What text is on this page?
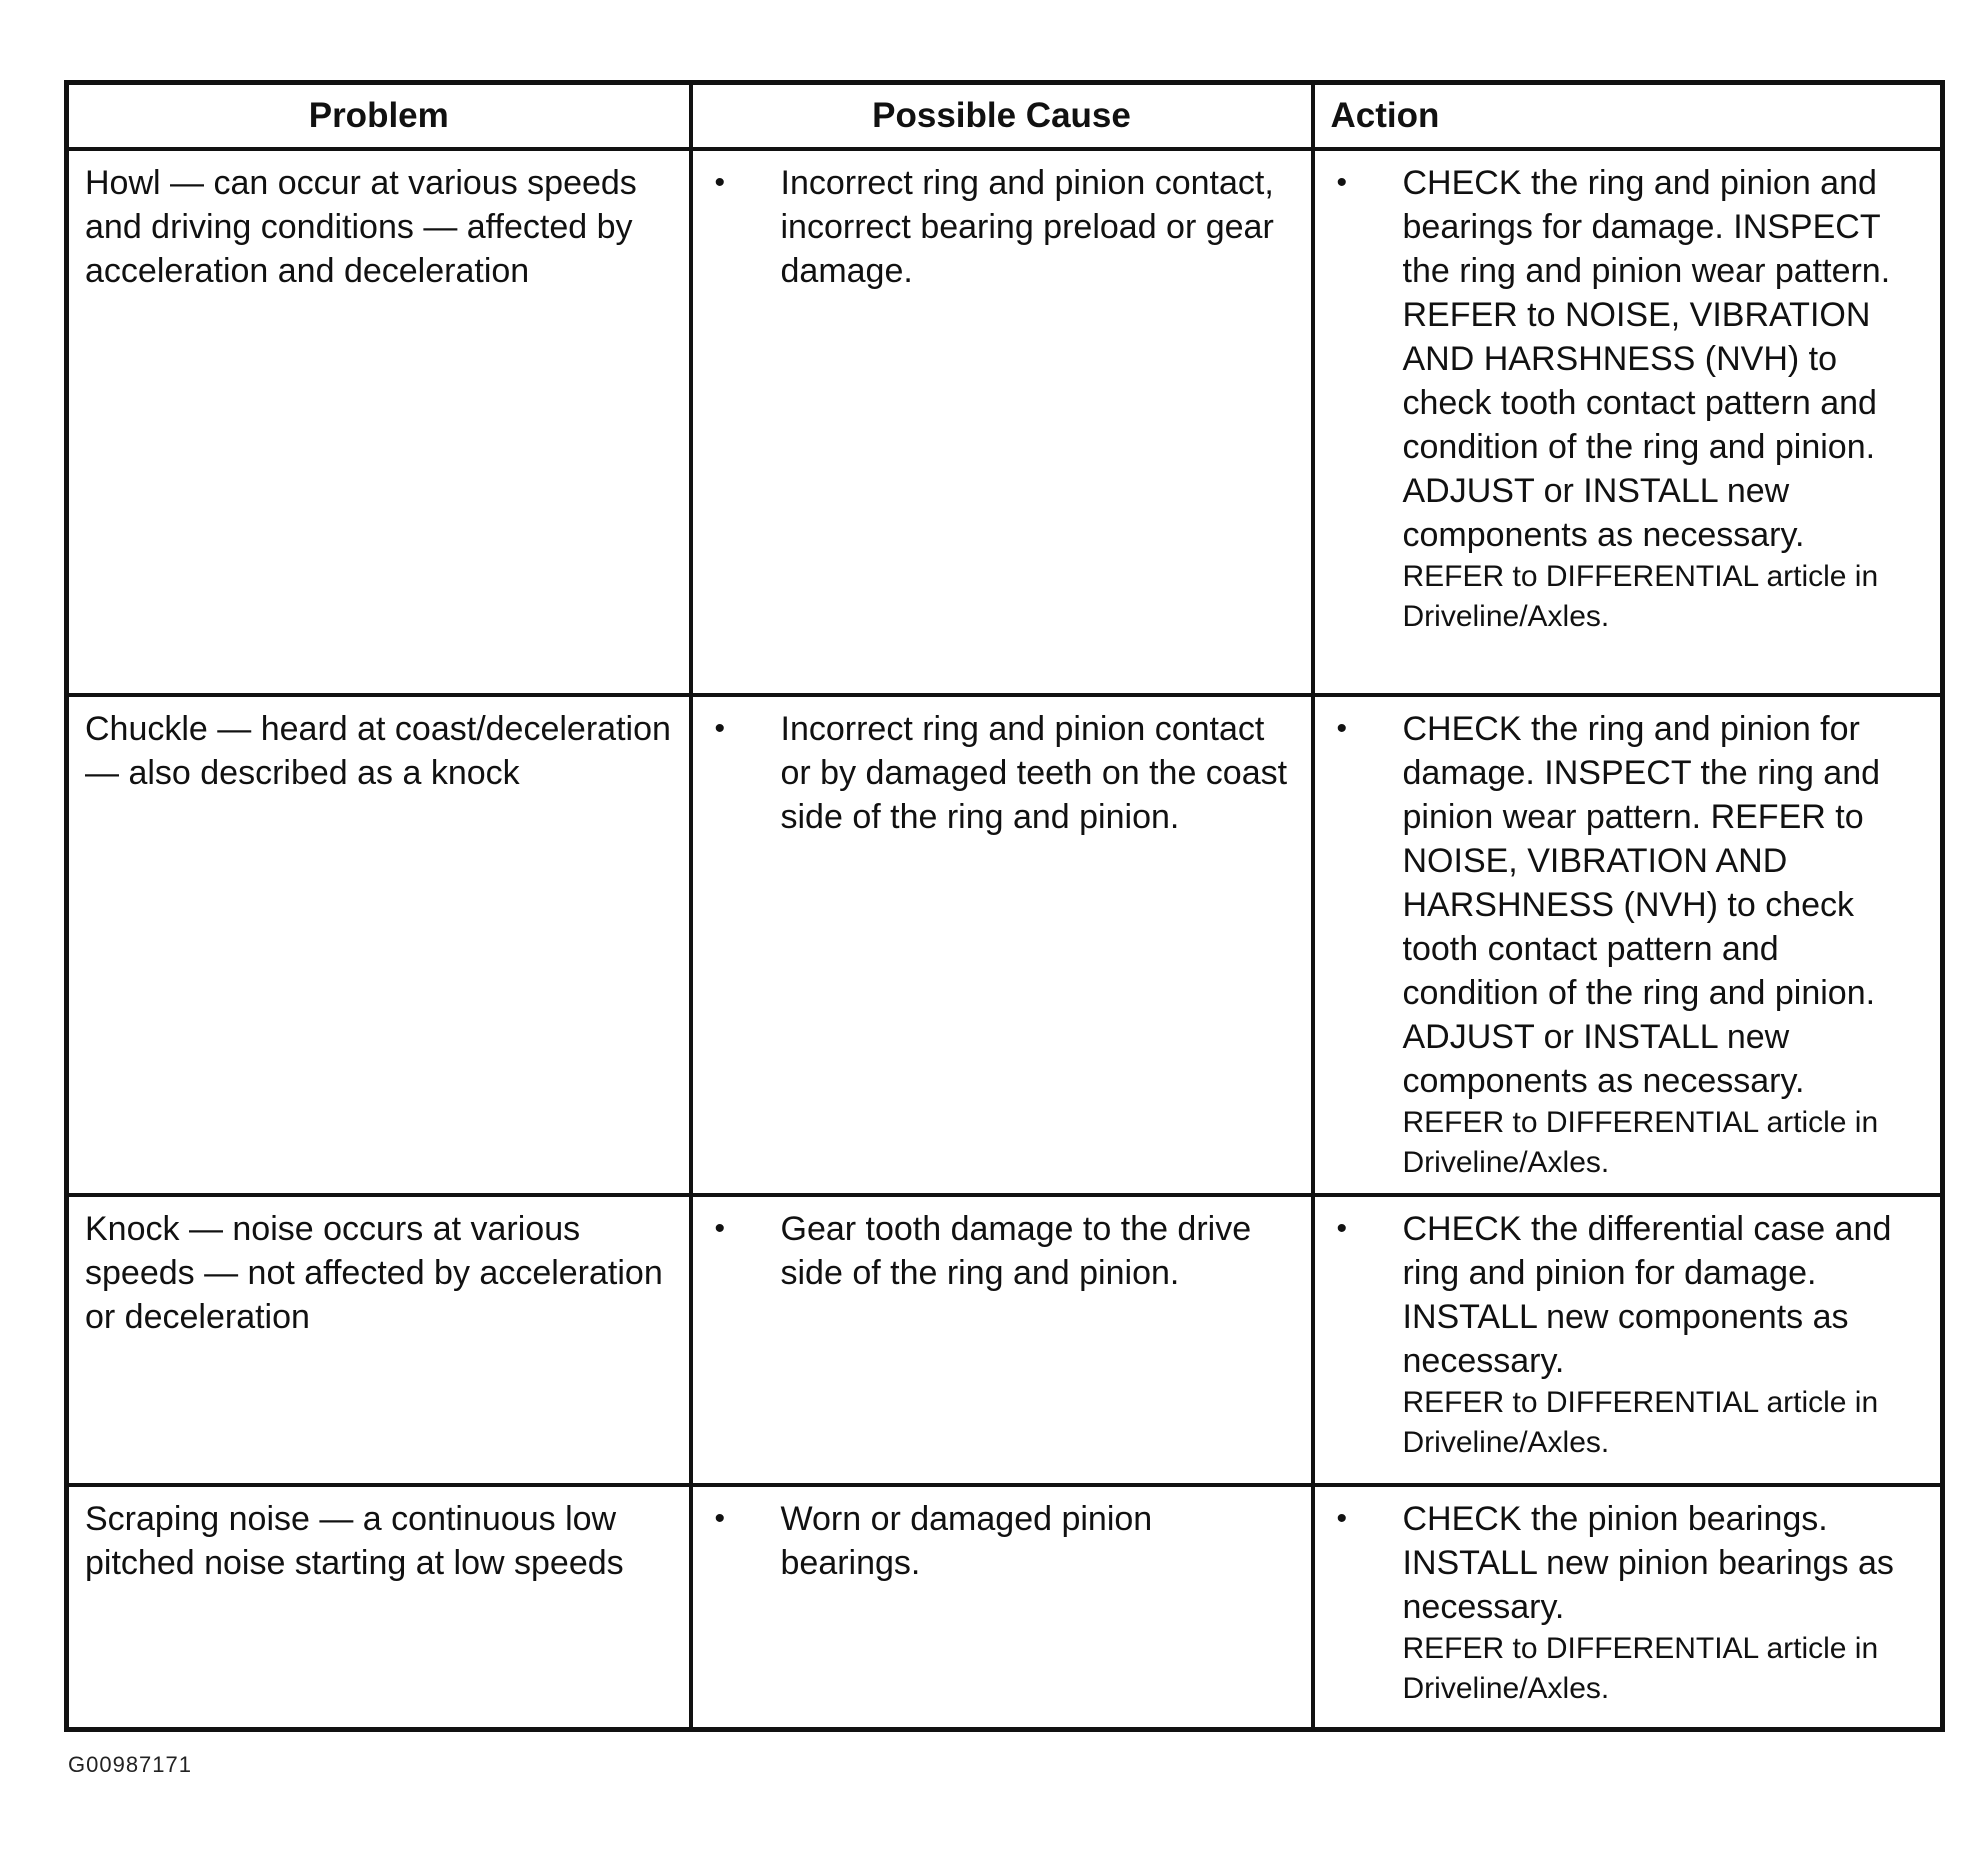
Problem	Possible Cause	Action
Howl — can occur at various speeds and driving conditions — affected by acceleration and deceleration	• Incorrect ring and pinion contact, incorrect bearing preload or gear damage.	• CHECK the ring and pinion and bearings for damage. INSPECT the ring and pinion wear pattern. REFER to NOISE, VIBRATION AND HARSHNESS (NVH) to check tooth contact pattern and condition of the ring and pinion. ADJUST or INSTALL new components as necessary.
REFER to DIFFERENTIAL article in Driveline/Axles.

Chuckle — heard at coast/deceleration — also described as a knock	• Incorrect ring and pinion contact or by damaged teeth on the coast side of the ring and pinion.	• CHECK the ring and pinion for damage. INSPECT the ring and pinion wear pattern. REFER to NOISE, VIBRATION AND HARSHNESS (NVH) to check tooth contact pattern and condition of the ring and pinion. ADJUST or INSTALL new components as necessary.
REFER to DIFFERENTIAL article in Driveline/Axles.

Knock — noise occurs at various speeds — not affected by acceleration or deceleration	• Gear tooth damage to the drive side of the ring and pinion.	• CHECK the differential case and ring and pinion for damage. INSTALL new components as necessary.
REFER to DIFFERENTIAL article in Driveline/Axles.

Scraping noise — a continuous low pitched noise starting at low speeds	• Worn or damaged pinion bearings.	• CHECK the pinion bearings. INSTALL new pinion bearings as necessary.
REFER to DIFFERENTIAL article in Driveline/Axles.
G00987171
